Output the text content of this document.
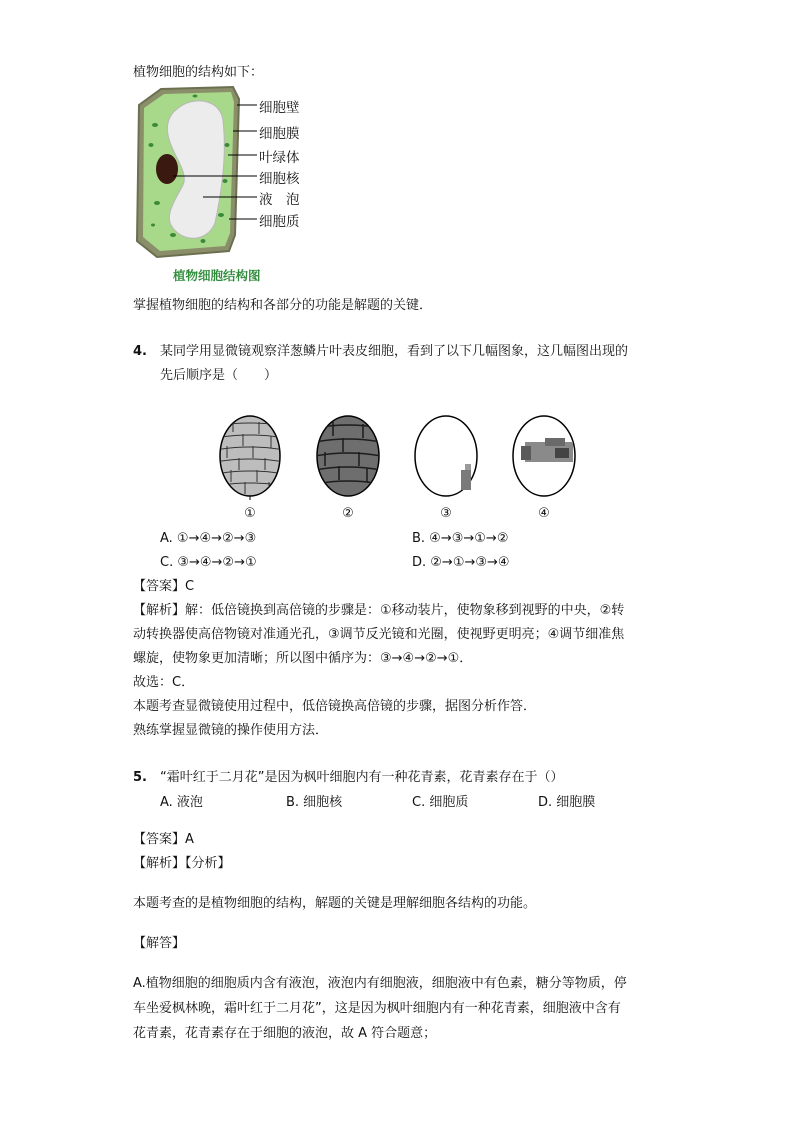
植物细胞的结构如下：
细胞壁
细胞膜
叶绿体
细胞核
液　泡
细胞质
植物细胞结构图
掌握植物细胞的结构和各部分的功能是解题的关键．
4. 某同学用显微镜观察洋葱鳞片叶表皮细胞，看到了以下几幅图象，这几幅图出现的
先后顺序是（　　）
①	②	③	④
A. ①→④→②→③	B. ④→③→①→②
C. ③→④→②→①	D. ②→①→③→④
【答案】C
【解析】解：低倍镜换到高倍镜的步骤是：①移动装片，使物象移到视野的中央，②转
动转换器使高倍物镜对准通光孔，③调节反光镜和光圈，使视野更明亮；④调节细准焦
螺旋，使物象更加清晰；所以图中循序为：③→④→②→①．
故选：C．
本题考查显微镜使用过程中，低倍镜换高倍镜的步骤，据图分析作答．
熟练掌握显微镜的操作使用方法．
5. “霜叶红于二月花”是因为枫叶细胞内有一种花青素，花青素存在于（）
A. 液泡	B. 细胞核	C. 细胞质	D. 细胞膜
【答案】A
【解析】【分析】
本题考查的是植物细胞的结构，解题的关键是理解细胞各结构的功能。
【解答】
A.植物细胞的细胞质内含有液泡，液泡内有细胞液，细胞液中有色素，糖分等物质，停
车坐爱枫林晚，霜叶红于二月花”，这是因为枫叶细胞内有一种花青素，细胞液中含有
花青素，花青素存在于细胞的液泡，故 A 符合题意；
